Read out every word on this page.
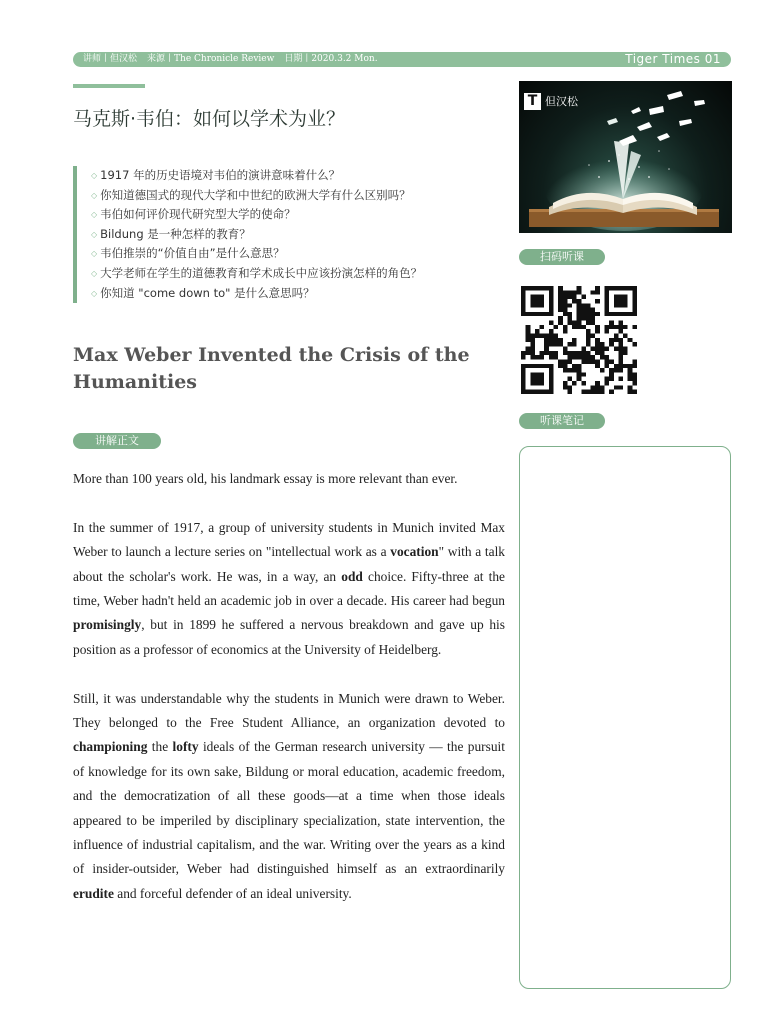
讲师丨但汉松 来源丨The Chronicle Review 日期丨2020.3.2 Mon.	Tiger Times 01
马克斯·韦伯：如何以学术为业？
◇ 1917 年的历史语境对韦伯的演讲意味着什么？
◇ 你知道德国式的现代大学和中世纪的欧洲大学有什么区别吗？
◇ 韦伯如何评价现代研究型大学的使命？
◇ Bildung 是一种怎样的教育？
◇ 韦伯推崇的“价值自由”是什么意思？
◇ 大学老师在学生的道德教育和学术成长中应该扮演怎样的角色？
◇ 你知道 "come down to" 是什么意思吗？
Max Weber Invented the Crisis of the Humanities
讲解正文

More than 100 years old, his landmark essay is more relevant than ever.

In the summer of 1917, a group of university students in Munich invited Max Weber to launch a lecture series on "intellectual work as a vocation" with a talk about the scholar's work. He was, in a way, an odd choice. Fifty-three at the time, Weber hadn't held an academic job in over a decade. His career had begun promisingly, but in 1899 he suffered a nervous breakdown and gave up his position as a professor of economics at the University of Heidelberg.

Still, it was understandable why the students in Munich were drawn to Weber. They belonged to the Free Student Alliance, an organization devoted to championing the lofty ideals of the German research university — the pursuit of knowledge for its own sake, Bildung or moral education, academic freedom, and the democratization of all these goods—at a time when those ideals appeared to be imperiled by disciplinary specialization, state intervention, the influence of industrial capitalism, and the war. Writing over the years as a kind of insider-outsider, Weber had distinguished himself as an extraordinarily erudite and forceful defender of an ideal university.

T 但汉松
扫码听课
听课笔记
